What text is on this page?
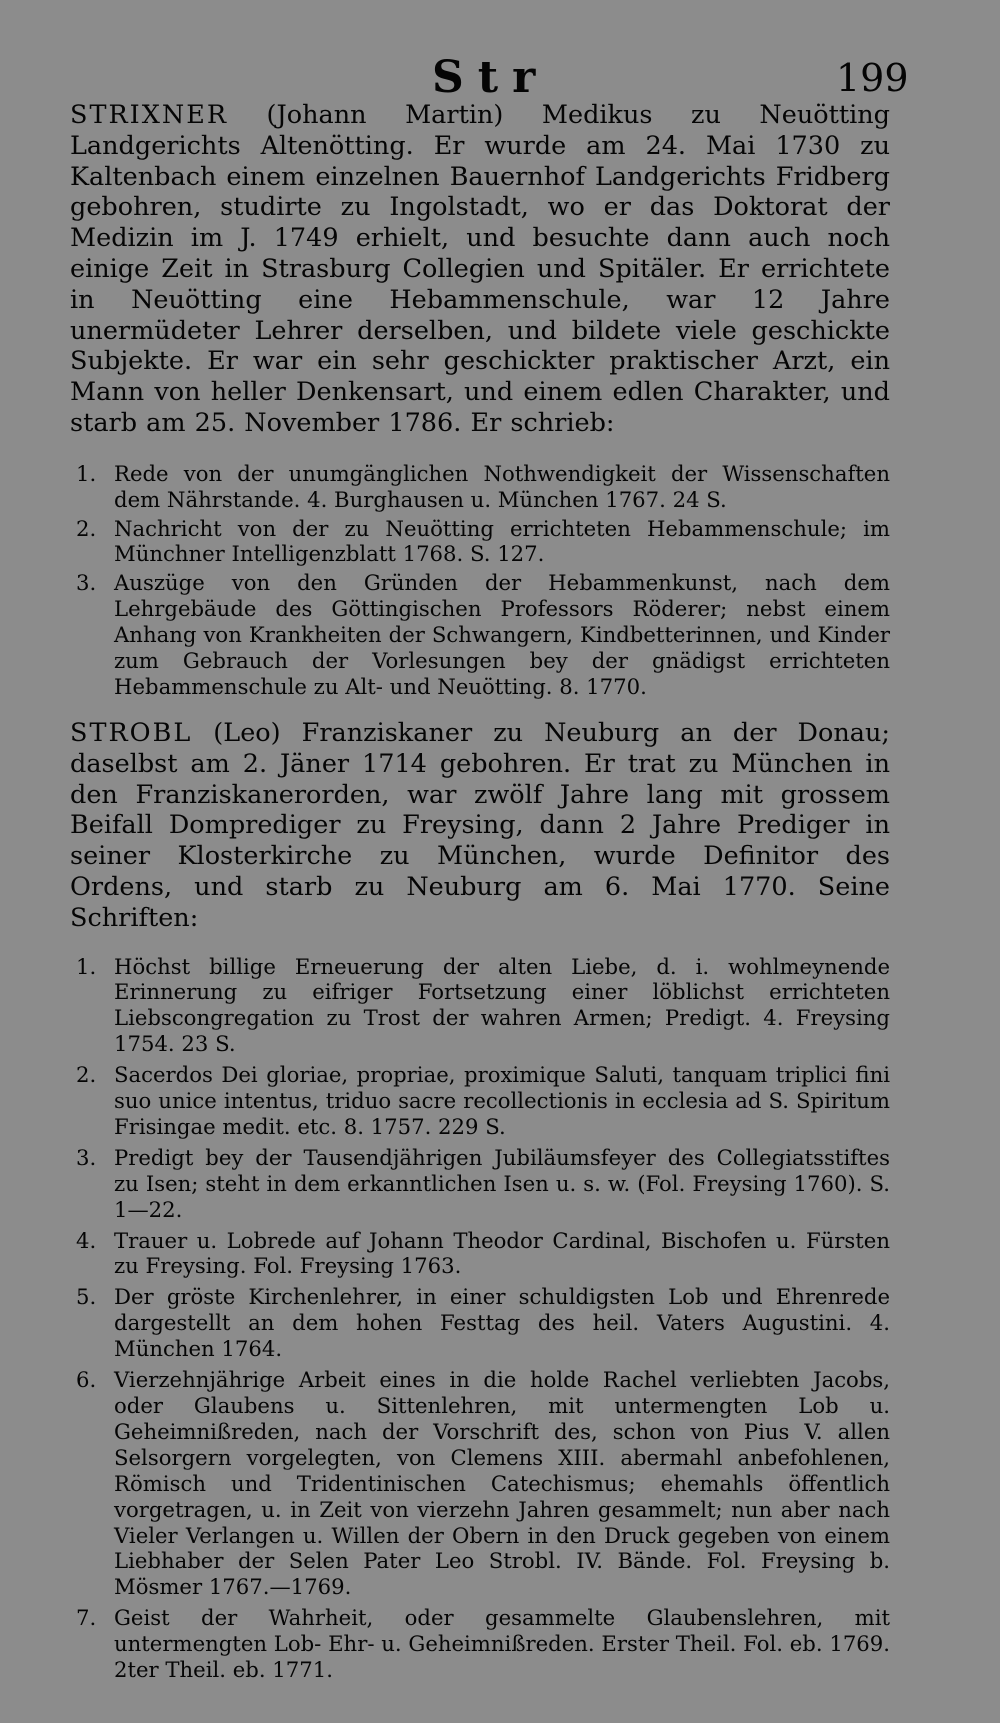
Str	199

STRIXNER (Johann Martin) Medikus zu Neuötting Landgerichts Altenötting. Er wurde am 24. Mai 1730 zu Kaltenbach einem einzelnen Bauernhof Landgerichts Fridberg gebohren, studirte zu Ingolstadt, wo er das Doktorat der Medizin im J. 1749 erhielt, und besuchte dann auch noch einige Zeit in Strasburg Collegien und Spitäler. Er errichtete in Neuötting eine Hebammenschule, war 12 Jahre unermüdeter Lehrer derselben, und bildete viele geschickte Subjekte. Er war ein sehr geschickter praktischer Arzt, ein Mann von heller Denkensart, und einem edlen Charakter, und starb am 25. November 1786. Er schrieb:

1. Rede von der unumgänglichen Nothwendigkeit der Wissenschaften dem Nährstande. 4. Burghausen u. München 1767. 24 S.
2. Nachricht von der zu Neuötting errichteten Hebammenschule; im Münchner Intelligenzblatt 1768. S. 127.
3. Auszüge von den Gründen der Hebammenkunst, nach dem Lehrgebäude des Göttingischen Professors Röderer; nebst einem Anhang von Krankheiten der Schwangern, Kindbetterinnen, und Kinder zum Gebrauch der Vorlesungen bey der gnädigst errichteten Hebammenschule zu Alt- und Neuötting. 8. 1770.

STROBL (Leo) Franziskaner zu Neuburg an der Donau; daselbst am 2. Jäner 1714 gebohren. Er trat zu München in den Franziskanerorden, war zwölf Jahre lang mit grossem Beifall Domprediger zu Freysing, dann 2 Jahre Prediger in seiner Klosterkirche zu München, wurde Definitor des Ordens, und starb zu Neuburg am 6. Mai 1770. Seine Schriften:

1. Höchst billige Erneuerung der alten Liebe, d. i. wohlmeynende Erinnerung zu eifriger Fortsetzung einer löblichst errichteten Liebscongregation zu Trost der wahren Armen; Predigt. 4. Freysing 1754. 23 S.
2. Sacerdos Dei gloriae, propriae, proximique Saluti, tanquam triplici fini suo unice intentus, triduo sacre recollectionis in ecclesia ad S. Spiritum Frisingae medit. etc. 8. 1757. 229 S.
3. Predigt bey der Tausendjährigen Jubiläumsfeyer des Collegiatsstiftes zu Isen; steht in dem erkanntlichen Isen u. s. w. (Fol. Freysing 1760). S. 1—22.
4. Trauer u. Lobrede auf Johann Theodor Cardinal, Bischofen u. Fürsten zu Freysing. Fol. Freysing 1763.
5. Der gröste Kirchenlehrer, in einer schuldigsten Lob und Ehrenrede dargestellt an dem hohen Festtag des heil. Vaters Augustini. 4. München 1764.
6. Vierzehnjährige Arbeit eines in die holde Rachel verliebten Jacobs, oder Glaubens u. Sittenlehren, mit untermengten Lob u. Geheimnißreden, nach der Vorschrift des, schon von Pius V. allen Selsorgern vorgelegten, von Clemens XIII. abermahl anbefohlenen, Römisch und Tridentinischen Catechismus; ehemahls öffentlich vorgetragen, u. in Zeit von vierzehn Jahren gesammelt; nun aber nach Vieler Verlangen u. Willen der Obern in den Druck gegeben von einem Liebhaber der Selen Pater Leo Strobl. IV. Bände. Fol. Freysing b. Mösmer 1767.—1769.
7. Geist der Wahrheit, oder gesammelte Glaubenslehren, mit untermengten Lob- Ehr- u. Geheimnißreden. Erster Theil. Fol. eb. 1769. 2ter Theil. eb. 1771.
